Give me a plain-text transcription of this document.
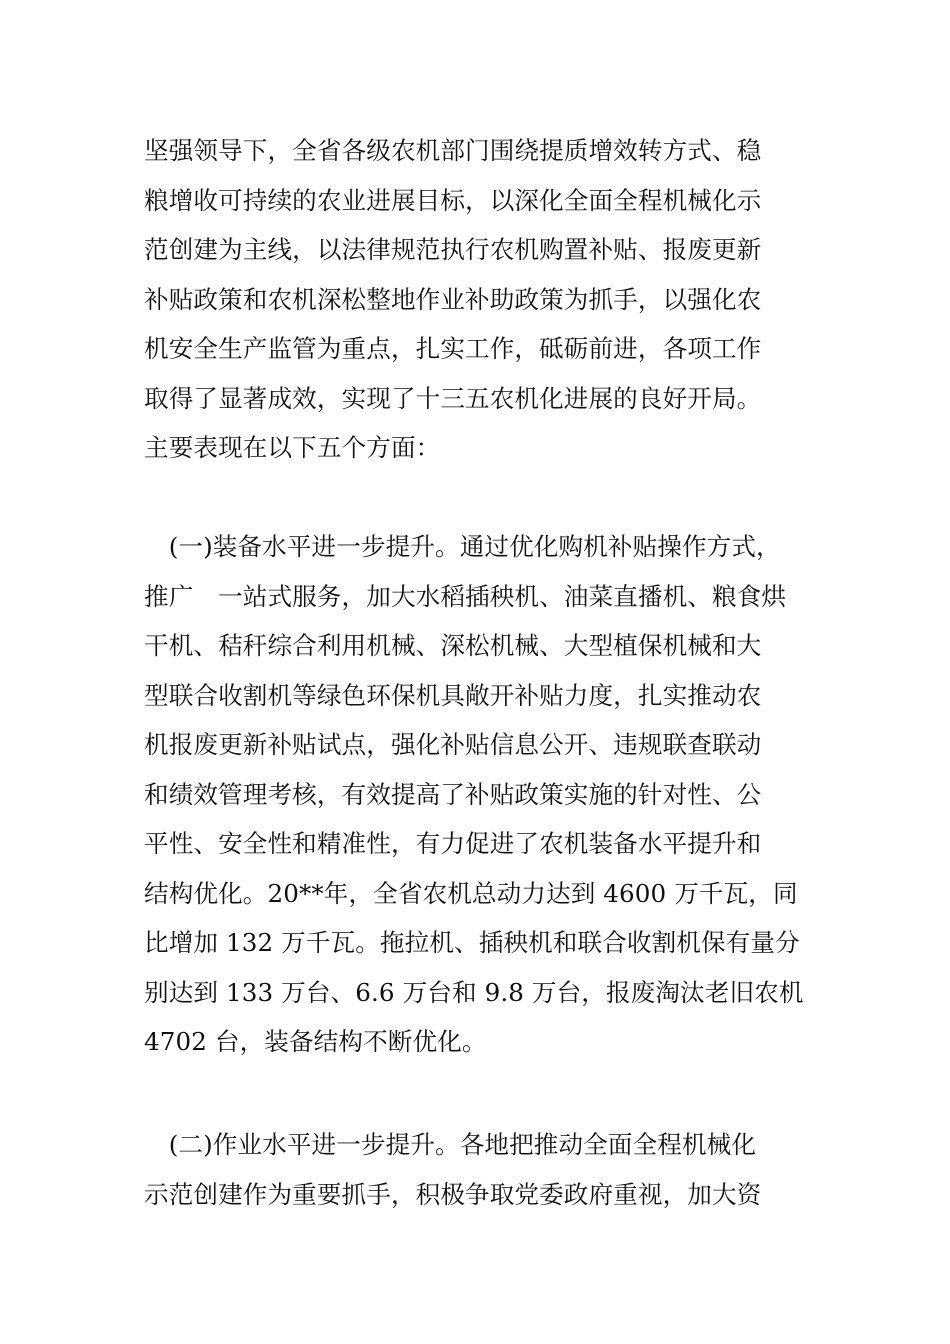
坚强领导下，全省各级农机部门围绕提质增效转方式、稳
粮增收可持续的农业进展目标，以深化全面全程机械化示
范创建为主线，以法律规范执行农机购置补贴、报废更新
补贴政策和农机深松整地作业补助政策为抓手，以强化农
机安全生产监管为重点，扎实工作，砥砺前进，各项工作
取得了显著成效，实现了十三五农机化进展的良好开局。
主要表现在以下五个方面：
　(一)装备水平进一步提升。通过优化购机补贴操作方式，
推广　一站式服务，加大水稻插秧机、油菜直播机、粮食烘
干机、秸秆综合利用机械、深松机械、大型植保机械和大
型联合收割机等绿色环保机具敞开补贴力度，扎实推动农
机报废更新补贴试点，强化补贴信息公开、违规联查联动
和绩效管理考核，有效提高了补贴政策实施的针对性、公
平性、安全性和精准性，有力促进了农机装备水平提升和
结构优化。20**年，全省农机总动力达到 4600 万千瓦，同
比增加 132 万千瓦。拖拉机、插秧机和联合收割机保有量分
别达到 133 万台、6.6 万台和 9.8 万台，报废淘汰老旧农机
4702 台，装备结构不断优化。
　(二)作业水平进一步提升。各地把推动全面全程机械化
示范创建作为重要抓手，积极争取党委政府重视，加大资
